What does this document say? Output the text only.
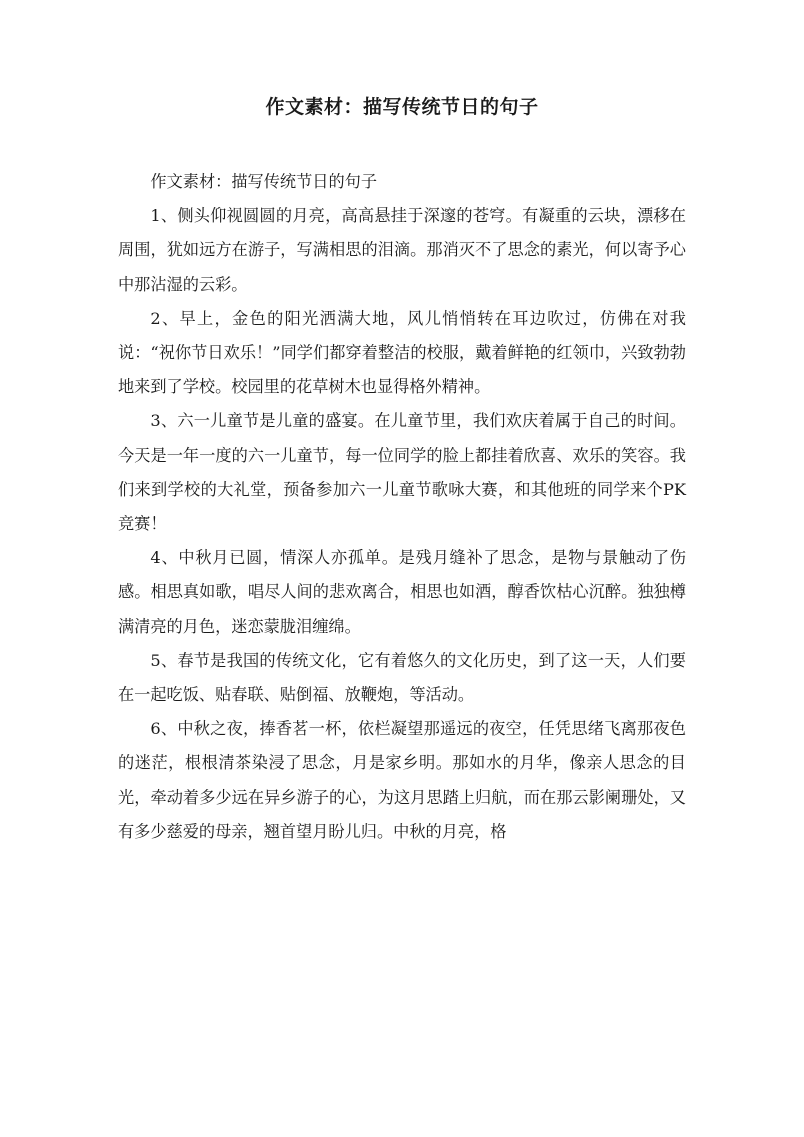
作文素材：描写传统节日的句子

作文素材：描写传统节日的句子

1、侧头仰视圆圆的月亮，高高悬挂于深邃的苍穹。有凝重的云块，漂移在周围，犹如远方在游子，写满相思的泪滴。那消灭不了思念的素光，何以寄予心中那沾湿的云彩。

2、早上，金色的阳光洒满大地，风儿悄悄转在耳边吹过，仿佛在对我说：“祝你节日欢乐！”同学们都穿着整洁的校服，戴着鲜艳的红领巾，兴致勃勃地来到了学校。校园里的花草树木也显得格外精神。

3、六一儿童节是儿童的盛宴。在儿童节里，我们欢庆着属于自己的时间。今天是一年一度的六一儿童节，每一位同学的脸上都挂着欣喜、欢乐的笑容。我们来到学校的大礼堂，预备参加六一儿童节歌咏大赛，和其他班的同学来个PK竞赛！

4、中秋月已圆，情深人亦孤单。是残月缝补了思念，是物与景触动了伤感。相思真如歌，唱尽人间的悲欢离合，相思也如酒，醇香饮枯心沉醉。独独樽满清亮的月色，迷恋蒙胧泪缠绵。

5、春节是我国的传统文化，它有着悠久的文化历史，到了这一天，人们要在一起吃饭、贴春联、贴倒福、放鞭炮，等活动。

6、中秋之夜，捧香茗一杯，依栏凝望那遥远的夜空，任凭思绪飞离那夜色的迷茫，根根清茶染浸了思念，月是家乡明。那如水的月华，像亲人思念的目光，牵动着多少远在异乡游子的心，为这月思踏上归航，而在那云影阑珊处，又有多少慈爱的母亲，翘首望月盼儿归。中秋的月亮，格
